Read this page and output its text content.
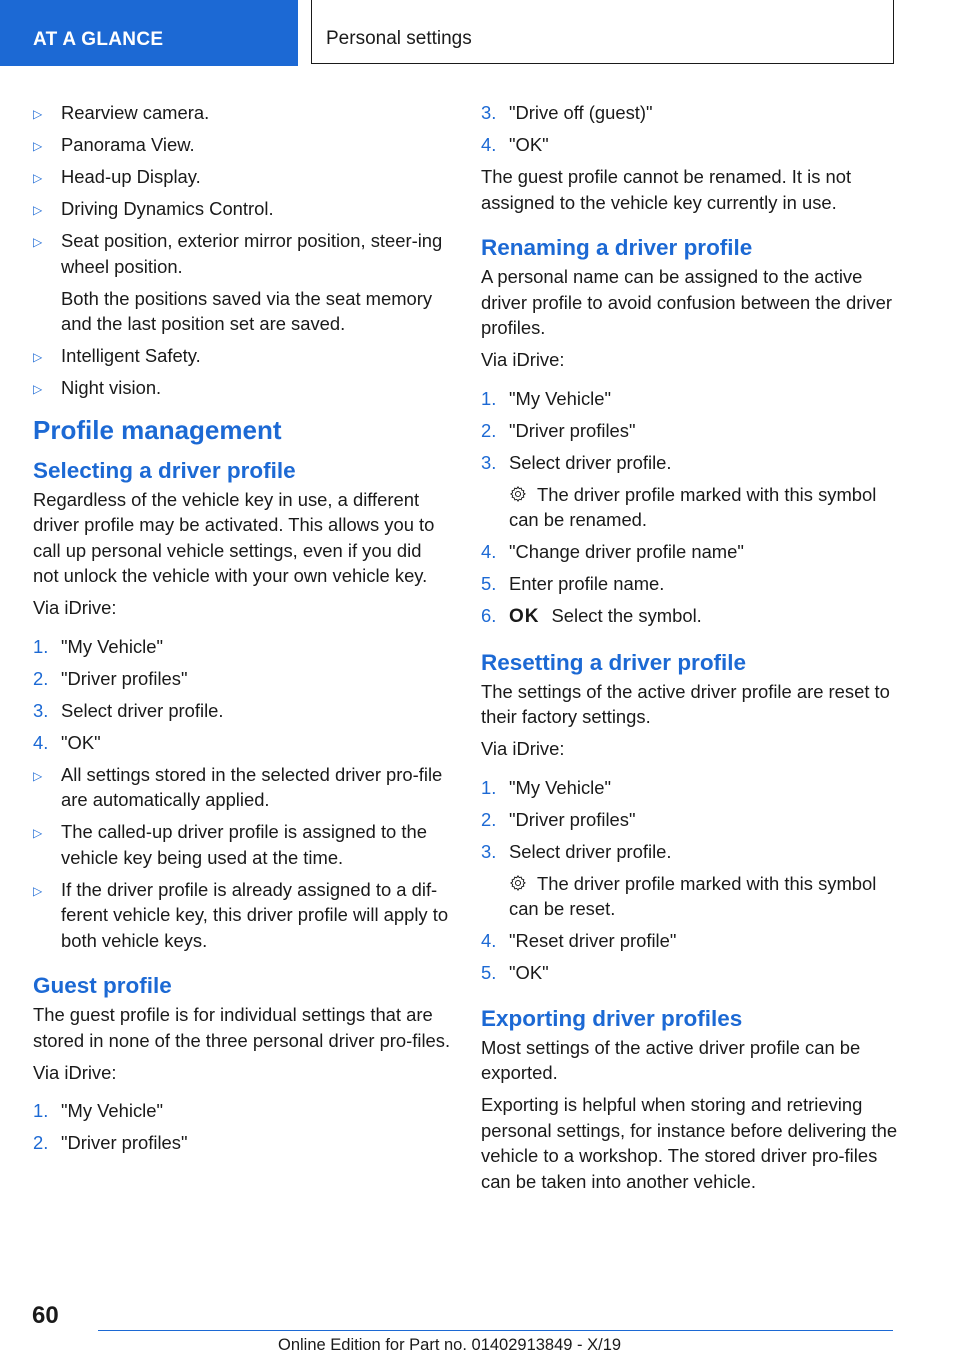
AT A GLANCE	Personal settings
▷ Rearview camera.
▷ Panorama View.
▷ Head-up Display.
▷ Driving Dynamics Control.
▷ Seat position, exterior mirror position, steer‐ing wheel position.
Both the positions saved via the seat memory and the last position set are saved.
▷ Intelligent Safety.
▷ Night vision.
Profile management
Selecting a driver profile

Regardless of the vehicle key in use, a different driver profile may be activated. This allows you to call up personal vehicle settings, even if you did not unlock the vehicle with your own vehicle key.

Via iDrive:

1. "My Vehicle"
2. "Driver profiles"
3. Select driver profile.
4. "OK"
▷ All settings stored in the selected driver pro‐file are automatically applied.
▷ The called-up driver profile is assigned to the vehicle key being used at the time.
▷ If the driver profile is already assigned to a dif‐ferent vehicle key, this driver profile will apply to both vehicle keys.
Guest profile

The guest profile is for individual settings that are stored in none of the three personal driver pro‐files.

Via iDrive:

1. "My Vehicle"
2. "Driver profiles"
3. "Drive off (guest)"
4. "OK"

The guest profile cannot be renamed. It is not assigned to the vehicle key currently in use.

Renaming a driver profile

A personal name can be assigned to the active driver profile to avoid confusion between the driver profiles.

Via iDrive:

1. "My Vehicle"
2. "Driver profiles"
3. Select driver profile.
The driver profile marked with this symbol can be renamed.
4. "Change driver profile name"
5. Enter profile name.
6. OK Select the symbol.
Resetting a driver profile

The settings of the active driver profile are reset to their factory settings.

Via iDrive:

1. "My Vehicle"
2. "Driver profiles"
3. Select driver profile.
The driver profile marked with this symbol can be reset.
4. "Reset driver profile"
5. "OK"
Exporting driver profiles

Most settings of the active driver profile can be exported.

Exporting is helpful when storing and retrieving personal settings, for instance before delivering the vehicle to a workshop. The stored driver pro‐files can be taken into another vehicle.

60
Online Edition for Part no. 01402913849 - X/19
